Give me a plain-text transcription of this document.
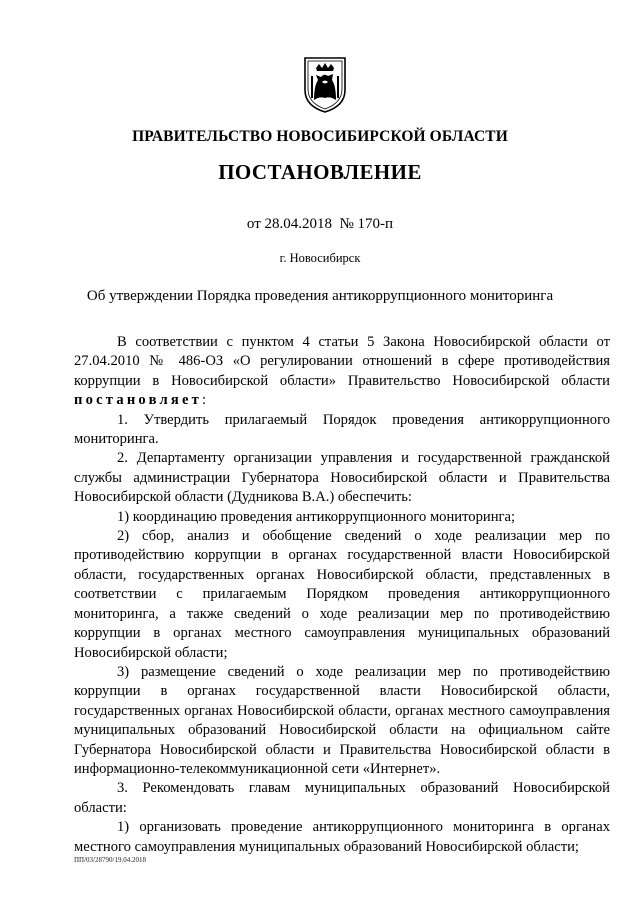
ПРАВИТЕЛЬСТВО НОВОСИБИРСКОЙ ОБЛАСТИ
ПОСТАНОВЛЕНИЕ
от 28.04.2018  № 170-п
г. Новосибирск
Об утверждении Порядка проведения антикоррупционного мониторинга

В соответствии с пунктом 4 статьи 5 Закона Новосибирской области от 27.04.2010 № 486-ОЗ «О регулировании отношений в сфере противодействия коррупции в Новосибирской области» Правительство Новосибирской области постановляет:

1. Утвердить прилагаемый Порядок проведения антикоррупционного мониторинга.

2. Департаменту организации управления и государственной гражданской службы администрации Губернатора Новосибирской области и Правительства Новосибирской области (Дудникова В.А.) обеспечить:

1) координацию проведения антикоррупционного мониторинга;

2) сбор, анализ и обобщение сведений о ходе реализации мер по противодействию коррупции в органах государственной власти Новосибирской области, государственных органах Новосибирской области, представленных в соответствии с прилагаемым Порядком проведения антикоррупционного мониторинга, а также сведений о ходе реализации мер по противодействию коррупции в органах местного самоуправления муниципальных образований Новосибирской области;

3) размещение сведений о ходе реализации мер по противодействию коррупции в органах государственной власти Новосибирской области, государственных органах Новосибирской области, органах местного самоуправления муниципальных образований Новосибирской области на официальном сайте Губернатора Новосибирской области и Правительства Новосибирской области в информационно-телекоммуникационной сети «Интернет».

3. Рекомендовать главам муниципальных образований Новосибирской области:

1) организовать проведение антикоррупционного мониторинга в органах местного самоуправления муниципальных образований Новосибирской области;

ПП/03/28790/19.04.2018
